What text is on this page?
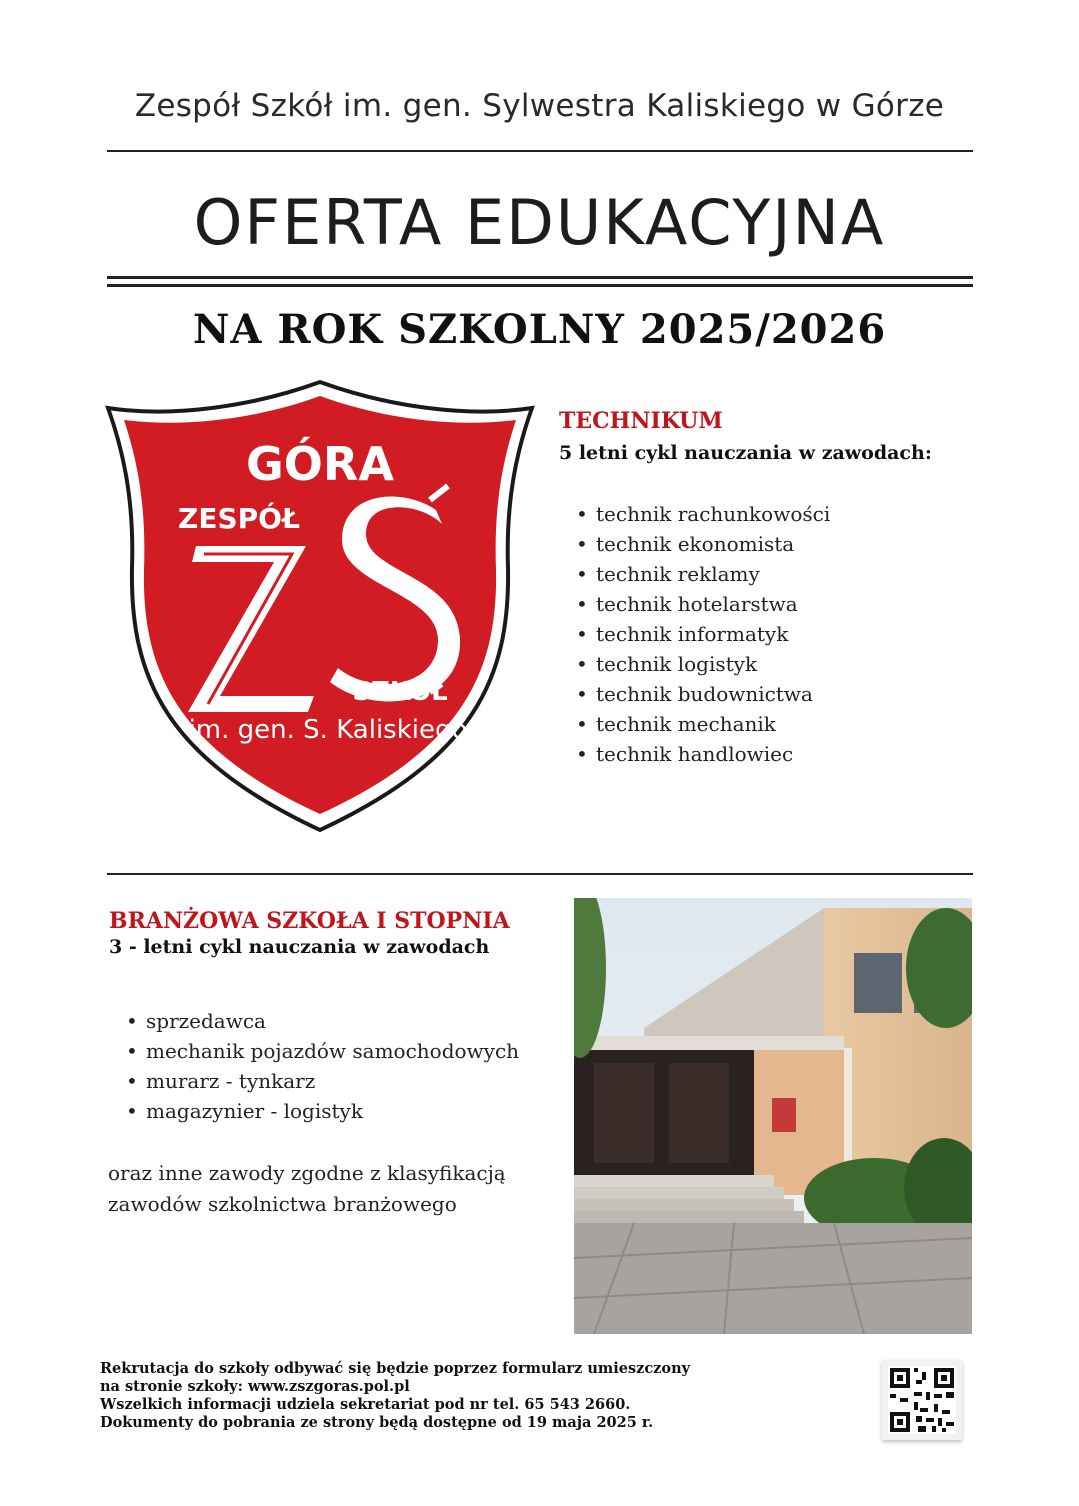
Zespół Szkół im. gen. Sylwestra Kaliskiego w Górze
OFERTA EDUKACYJNA
NA ROK SZKOLNY 2025/2026
GÓRA
ZESPÓŁ
SZKÓŁ
im. gen. S. Kaliskiego
TECHNIKUM
5 letni cykl nauczania w zawodach:
• technik rachunkowości
• technik ekonomista
• technik reklamy
• technik hotelarstwa
• technik informatyk
• technik logistyk
• technik budownictwa
• technik mechanik
• technik handlowiec
BRANŻOWA SZKOŁA I STOPNIA
3 - letni cykl nauczania w zawodach
• sprzedawca
• mechanik pojazdów samochodowych
• murarz - tynkarz
• magazynier - logistyk
oraz inne zawody zgodne z klasyfikacją
zawodów szkolnictwa branżowego
Rekrutacja do szkoły odbywać się będzie poprzez formularz umieszczony
na stronie szkoły: www.zszgoras.pol.pl
Wszelkich informacji udziela sekretariat pod nr tel. 65 543 2660.
Dokumenty do pobrania ze strony będą dostępne od 19 maja 2025 r.
